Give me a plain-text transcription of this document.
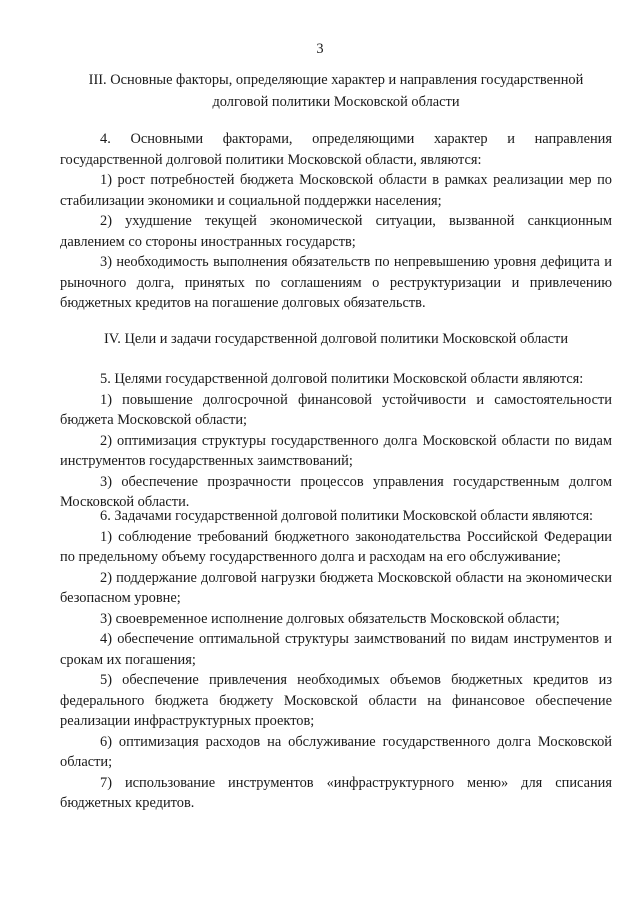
3
III. Основные факторы, определяющие характер и направления государственной долговой политики Московской области

4. Основными факторами, определяющими характер и направления государственной долговой политики Московской области, являются:

1) рост потребностей бюджета Московской области в рамках реализации мер по стабилизации экономики и социальной поддержки населения;

2) ухудшение текущей экономической ситуации, вызванной санкционным давлением со стороны иностранных государств;

3) необходимость выполнения обязательств по непревышению уровня дефицита и рыночного долга, принятых по соглашениям о реструктуризации и привлечению бюджетных кредитов на погашение долговых обязательств.

IV. Цели и задачи государственной долговой политики Московской области

5. Целями государственной долговой политики Московской области являются:

1) повышение долгосрочной финансовой устойчивости и самостоятельности бюджета Московской области;

2) оптимизация структуры государственного долга Московской области по видам инструментов государственных заимствований;

3) обеспечение прозрачности процессов управления государственным долгом Московской области.

6. Задачами государственной долговой политики Московской области являются:

1) соблюдение требований бюджетного законодательства Российской Федерации по предельному объему государственного долга и расходам на его обслуживание;

2) поддержание долговой нагрузки бюджета Московской области на экономически безопасном уровне;

3) своевременное исполнение долговых обязательств Московской области;

4) обеспечение оптимальной структуры заимствований по видам инструментов и срокам их погашения;

5) обеспечение привлечения необходимых объемов бюджетных кредитов из федерального бюджета бюджету Московской области на финансовое обеспечение реализации инфраструктурных проектов;

6) оптимизация расходов на обслуживание государственного долга Московской области;

7) использование инструментов «инфраструктурного меню» для списания бюджетных кредитов.
